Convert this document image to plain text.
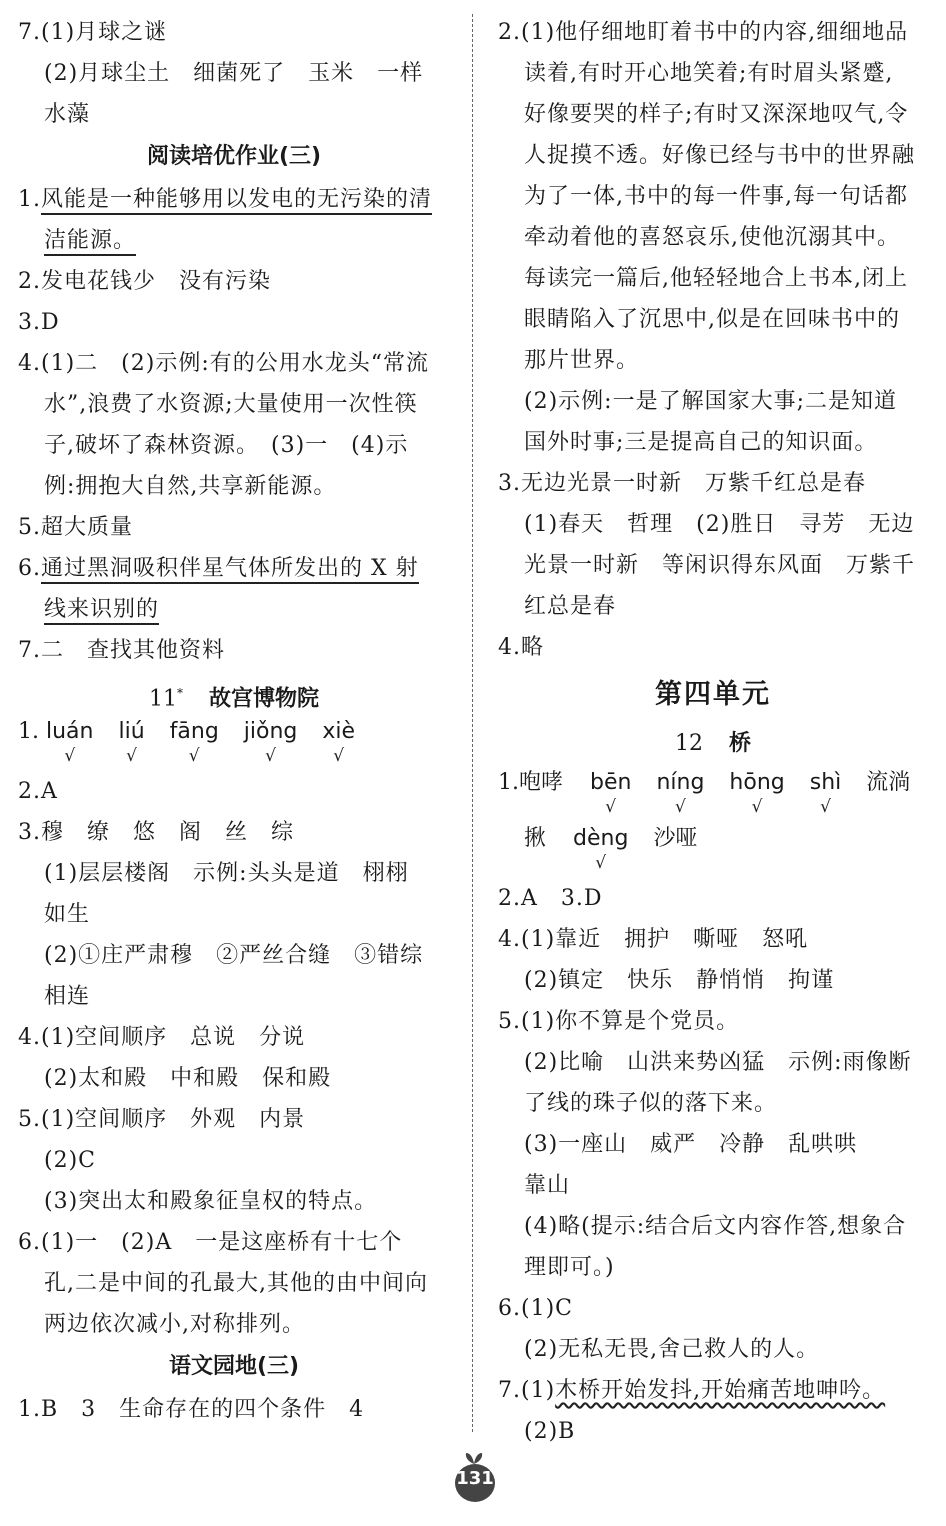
7.(1)月球之谜
(2)月球尘土　细菌死了　玉米　一样
水藻
阅读培优作业(三)
1.风能是一种能够用以发电的无污染的清
洁能源。
2.发电花钱少　没有污染
3.D
4.(1)二　(2)示例:有的公用水龙头“常流
水”,浪费了水资源;大量使用一次性筷
子,破坏了森林资源。　(3)一　(4)示
例:拥抱大自然,共享新能源。
5.超大质量
6.通过黑洞吸积伴星气体所发出的 X 射
线来识别的
7.二　查找其他资料
11* 故宫博物院
1. luán
√
liú
√
fāng
√
jiǒng
√
xiè
√
2.A
3.穆　缭　悠　阁　丝　综
(1)层层楼阁　示例:头头是道　栩栩
如生
(2)①庄严肃穆　②严丝合缝　③错综
相连
4.(1)空间顺序　总说　分说
(2)太和殿　中和殿　保和殿
5.(1)空间顺序　外观　内景
(2)C
(3)突出太和殿象征皇权的特点。
6.(1)一　(2)A　一是这座桥有十七个
孔,二是中间的孔最大,其他的由中间向
两边依次减小,对称排列。
语文园地(三)
1.B　3　生命存在的四个条件　4
2.(1)他仔细地盯着书中的内容,细细地品
读着,有时开心地笑着;有时眉头紧蹙,
好像要哭的样子;有时又深深地叹气,令
人捉摸不透。好像已经与书中的世界融
为了一体,书中的每一件事,每一句话都
牵动着他的喜怒哀乐,使他沉溺其中。
每读完一篇后,他轻轻地合上书本,闭上
眼睛陷入了沉思中,似是在回味书中的
那片世界。
(2)示例:一是了解国家大事;二是知道
国外时事;三是提高自己的知识面。
3.无边光景一时新　万紫千红总是春
(1)春天　哲理　(2)胜日　寻芳　无边
光景一时新　等闲识得东风面　万紫千
红总是春
4.略
第四单元
12 桥
1.咆哮 bēn
√
níng
√
hōng
√
shì
√
流淌
揪 dèng
√
沙哑
2.A　3.D
4.(1)靠近　拥护　嘶哑　怒吼
(2)镇定　快乐　静悄悄　拘谨
5.(1)你不算是个党员。
(2)比喻　山洪来势凶猛　示例:雨像断
了线的珠子似的落下来。
(3)一座山　威严　冷静　乱哄哄
靠山
(4)略(提示:结合后文内容作答,想象合
理即可。)
6.(1)C
(2)无私无畏,舍己救人的人。
7.(1)木桥开始发抖,开始痛苦地呻吟。
(2)B
131
